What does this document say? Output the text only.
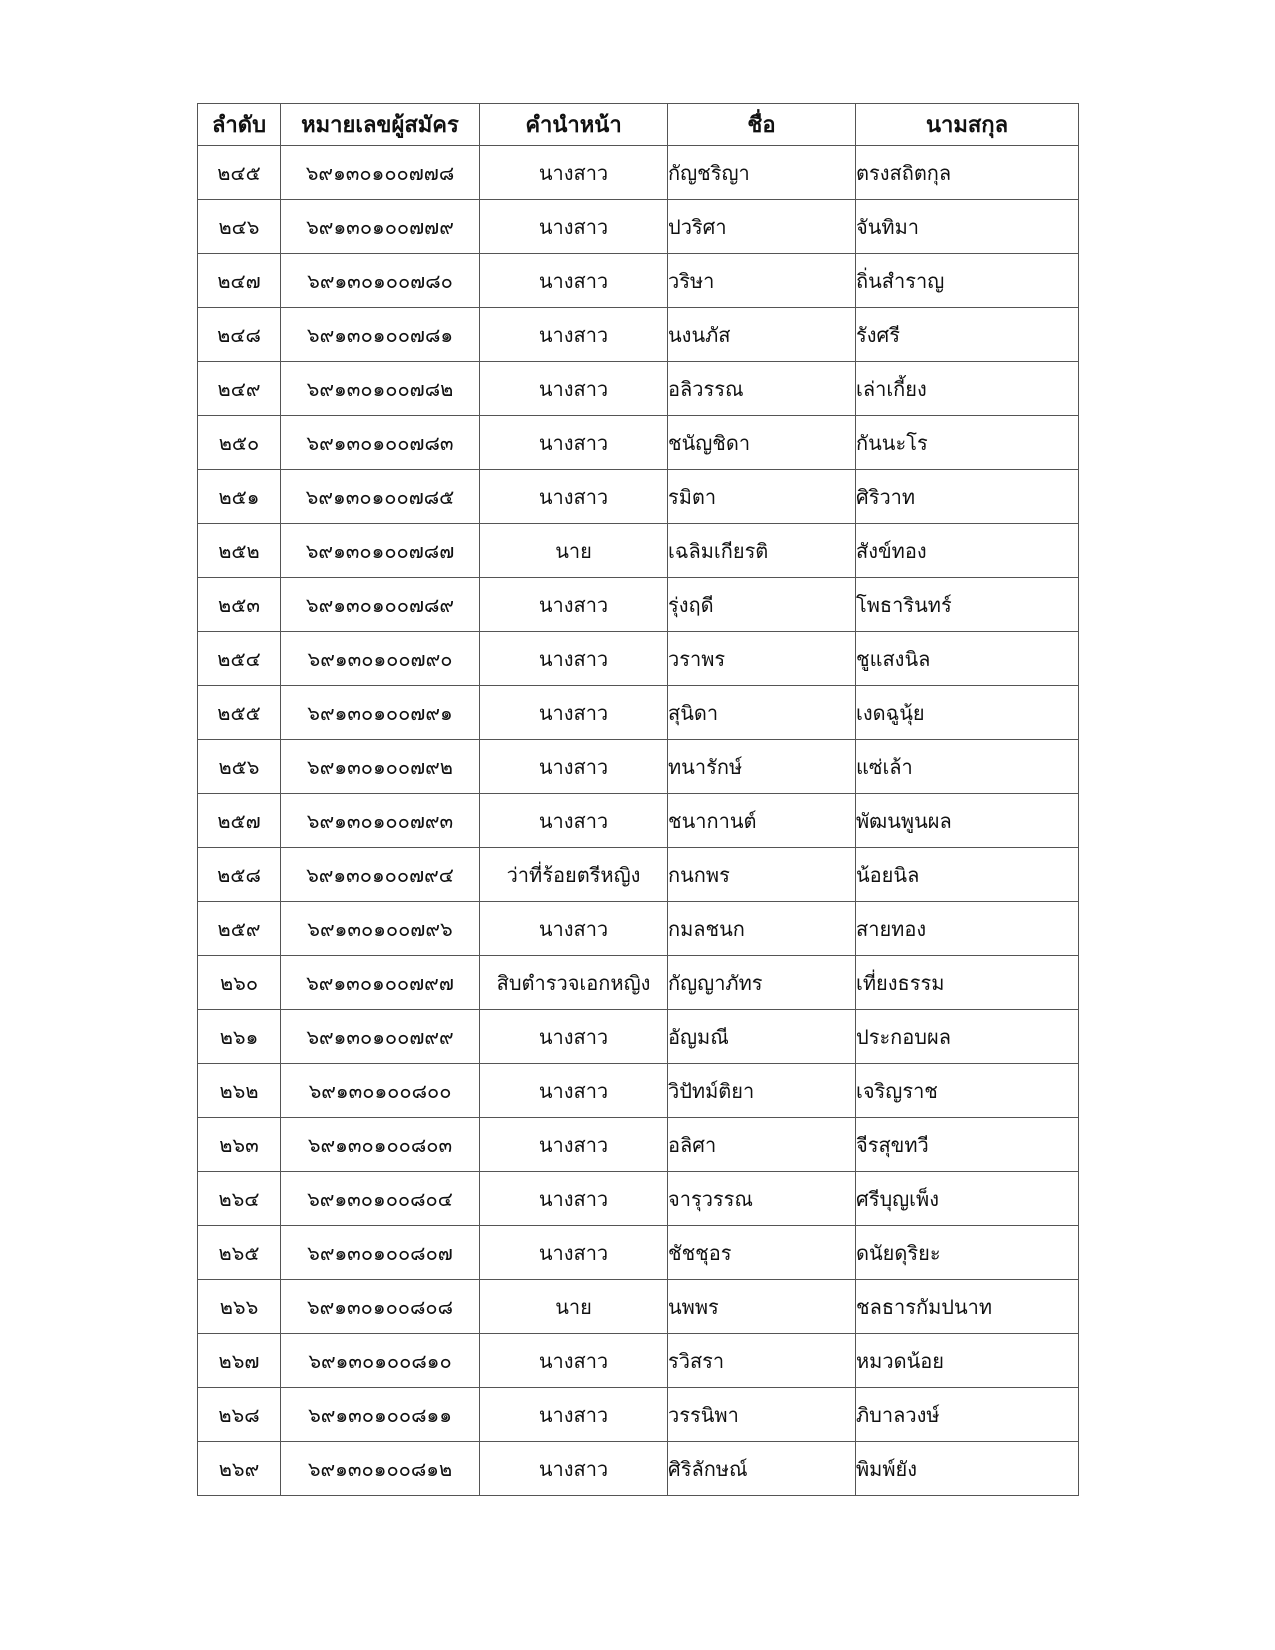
ลำดับ	หมายเลขผู้สมัคร	คำนำหน้า	ชื่อ	นามสกุล
๒๔๕	๖๙๑๓๐๑๐๐๗๗๘	นางสาว	กัญชริญา	ตรงสถิตกุล
๒๔๖	๖๙๑๓๐๑๐๐๗๗๙	นางสาว	ปวริศา	จันทิมา
๒๔๗	๖๙๑๓๐๑๐๐๗๘๐	นางสาว	วริษา	ถิ่นสำราญ
๒๔๘	๖๙๑๓๐๑๐๐๗๘๑	นางสาว	นงนภัส	รังศรี
๒๔๙	๖๙๑๓๐๑๐๐๗๘๒	นางสาว	อลิวรรณ	เล่าเกี้ยง
๒๕๐	๖๙๑๓๐๑๐๐๗๘๓	นางสาว	ชนัญชิดา	กันนะโร
๒๕๑	๖๙๑๓๐๑๐๐๗๘๕	นางสาว	รมิตา	ศิริวาท
๒๕๒	๖๙๑๓๐๑๐๐๗๘๗	นาย	เฉลิมเกียรติ	สังข์ทอง
๒๕๓	๖๙๑๓๐๑๐๐๗๘๙	นางสาว	รุ่งฤดี	โพธารินทร์
๒๕๔	๖๙๑๓๐๑๐๐๗๙๐	นางสาว	วราพร	ชูแสงนิล
๒๕๕	๖๙๑๓๐๑๐๐๗๙๑	นางสาว	สุนิดา	เงดฉูนุ้ย
๒๕๖	๖๙๑๓๐๑๐๐๗๙๒	นางสาว	ทนารักษ์	แซ่เล้า
๒๕๗	๖๙๑๓๐๑๐๐๗๙๓	นางสาว	ชนากานต์	พัฒนพูนผล
๒๕๘	๖๙๑๓๐๑๐๐๗๙๔	ว่าที่ร้อยตรีหญิง	กนกพร	น้อยนิล
๒๕๙	๖๙๑๓๐๑๐๐๗๙๖	นางสาว	กมลชนก	สายทอง
๒๖๐	๖๙๑๓๐๑๐๐๗๙๗	สิบตำรวจเอกหญิง	กัญญาภัทร	เที่ยงธรรม
๒๖๑	๖๙๑๓๐๑๐๐๗๙๙	นางสาว	อัญมณี	ประกอบผล
๒๖๒	๖๙๑๓๐๑๐๐๘๐๐	นางสาว	วิปัทม์ติยา	เจริญราช
๒๖๓	๖๙๑๓๐๑๐๐๘๐๓	นางสาว	อลิศา	จีรสุขทวี
๒๖๔	๖๙๑๓๐๑๐๐๘๐๔	นางสาว	จารุวรรณ	ศรีบุญเพ็ง
๒๖๕	๖๙๑๓๐๑๐๐๘๐๗	นางสาว	ชัชชุอร	ดนัยดุริยะ
๒๖๖	๖๙๑๓๐๑๐๐๘๐๘	นาย	นพพร	ชลธารกัมปนาท
๒๖๗	๖๙๑๓๐๑๐๐๘๑๐	นางสาว	รวิสรา	หมวดน้อย
๒๖๘	๖๙๑๓๐๑๐๐๘๑๑	นางสาว	วรรนิพา	ภิบาลวงษ์
๒๖๙	๖๙๑๓๐๑๐๐๘๑๒	นางสาว	ศิริลักษณ์	พิมพ์ยัง
